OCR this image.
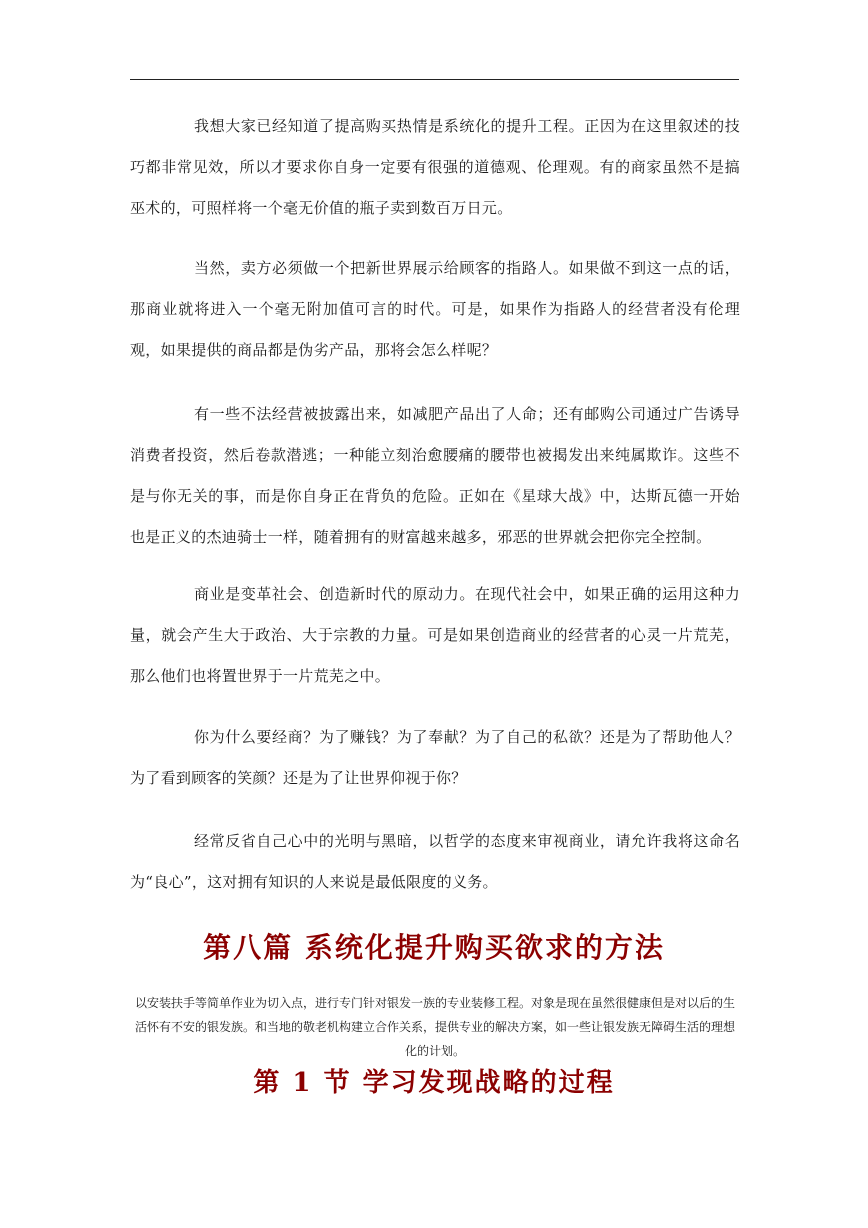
我想大家已经知道了提高购买热情是系统化的提升工程。正因为在这里叙述的技巧都非常见效，所以才要求你自身一定要有很强的道德观、伦理观。有的商家虽然不是搞巫术的，可照样将一个毫无价值的瓶子卖到数百万日元。

当然，卖方必须做一个把新世界展示给顾客的指路人。如果做不到这一点的话，那商业就将进入一个毫无附加值可言的时代。可是，如果作为指路人的经营者没有伦理观，如果提供的商品都是伪劣产品，那将会怎么样呢？

有一些不法经营被披露出来，如减肥产品出了人命；还有邮购公司通过广告诱导消费者投资，然后卷款潜逃；一种能立刻治愈腰痛的腰带也被揭发出来纯属欺诈。这些不是与你无关的事，而是你自身正在背负的危险。正如在《星球大战》中，达斯瓦德一开始也是正义的杰迪骑士一样，随着拥有的财富越来越多，邪恶的世界就会把你完全控制。

商业是变革社会、创造新时代的原动力。在现代社会中，如果正确的运用这种力量，就会产生大于政治、大于宗教的力量。可是如果创造商业的经营者的心灵一片荒芜，那么他们也将置世界于一片荒芜之中。

你为什么要经商？为了赚钱？为了奉献？为了自己的私欲？还是为了帮助他人？为了看到顾客的笑颜？还是为了让世界仰视于你？

经常反省自己心中的光明与黑暗，以哲学的态度来审视商业，请允许我将这命名为“良心”，这对拥有知识的人来说是最低限度的义务。

第八篇 系统化提升购买欲求的方法

以安装扶手等简单作业为切入点，进行专门针对银发一族的专业装修工程。对象是现在虽然很健康但是对以后的生活怀有不安的银发族。和当地的敬老机构建立合作关系，提供专业的解决方案，如一些让银发族无障碍生活的理想化的计划。

第 1 节 学习发现战略的过程
